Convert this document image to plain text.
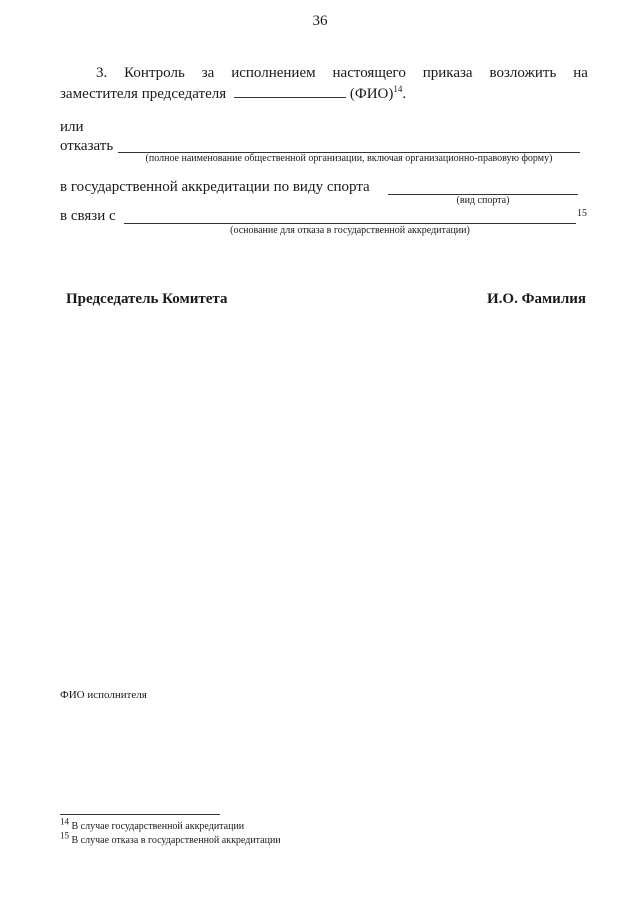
36
3. Контроль за исполнением настоящего приказа возложить на
заместителя председателя	(ФИО)$^{14}$.
или
отказать
(полное наименование общественной организации, включая организационно-правовую форму)
в государственной аккредитации по виду спорта
(вид спорта)
в связи с	15
(основание для отказа в государственной аккредитации)
Председатель Комитета	И.О. Фамилия
ФИО исполнителя
$^{14}$ В случае государственной аккредитации
$^{15}$ В случае отказа в государственной аккредитации
